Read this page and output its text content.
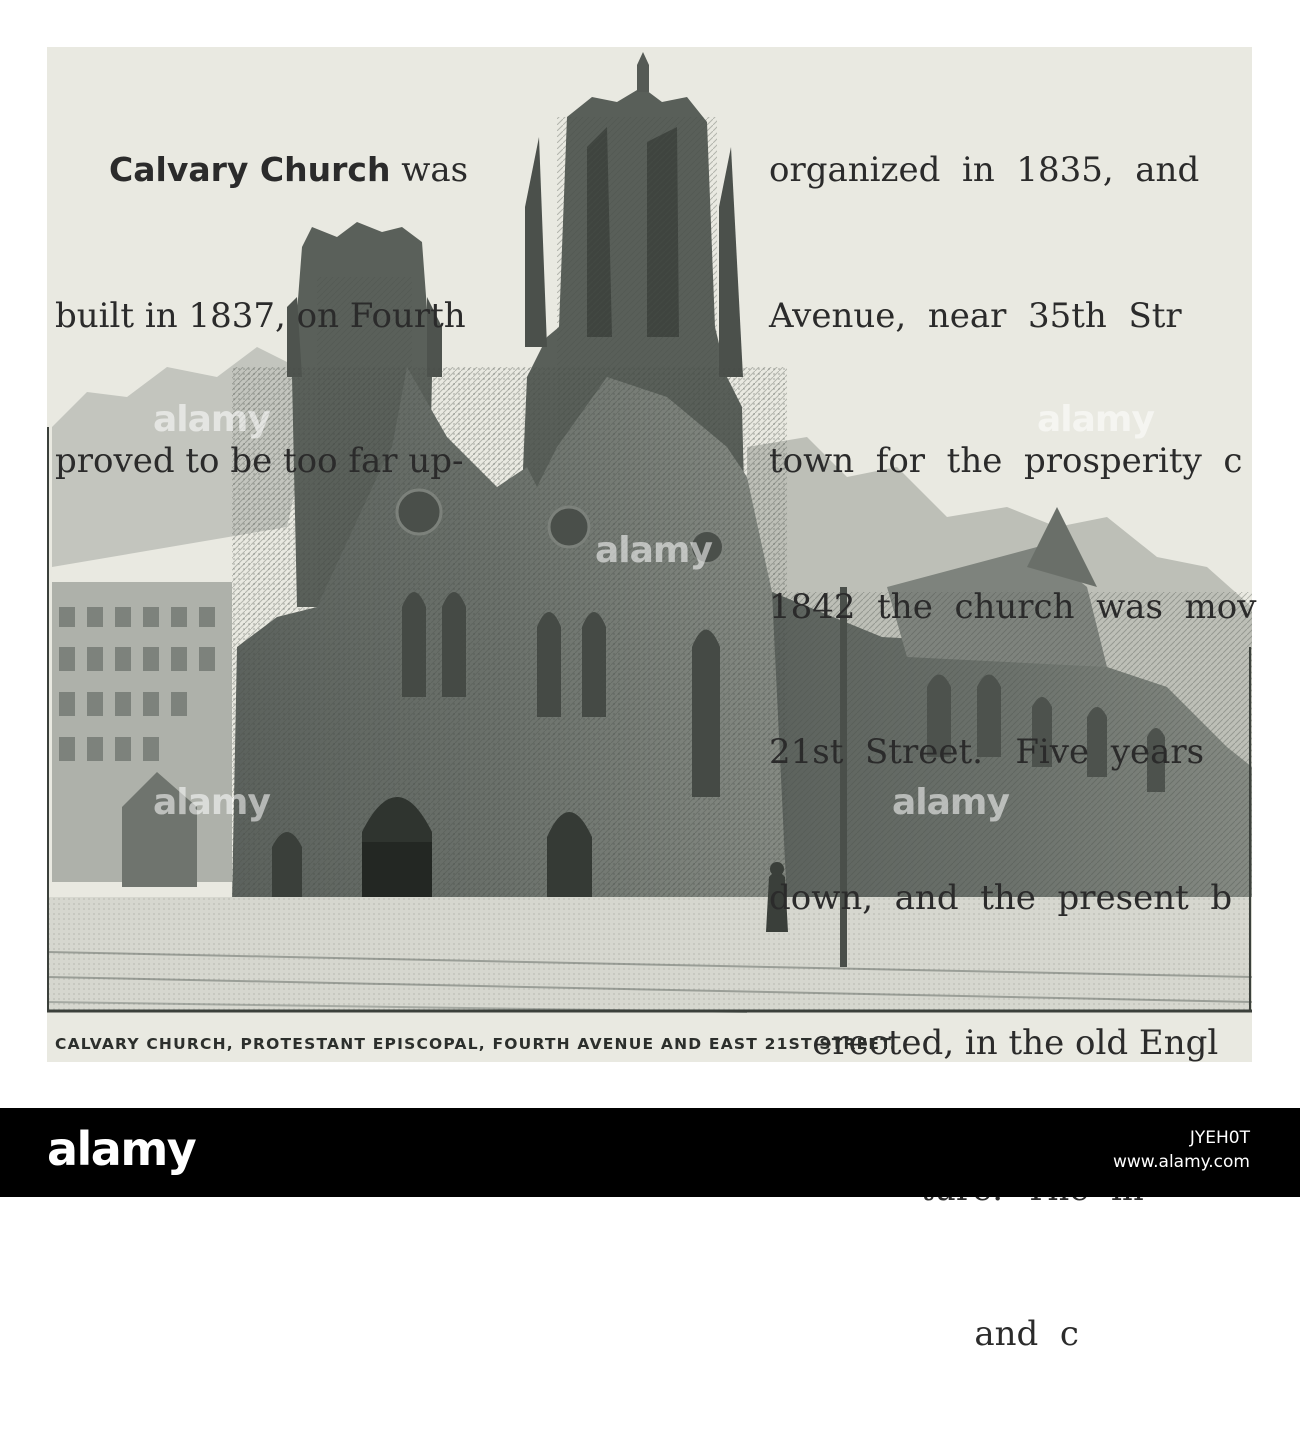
Calvary Church was

built in 1837, on Fourth

proved to be too far up-

organized  in  1835,  and

Avenue,  near  35th  Str

town  for  the  prosperity  c

1842  the  church  was  mov

21st  Street.   Five  years

down,  and  the  present  b

erected, in the old Engl

and  c

alamy
alamy
alamy
alamy	alamy
CALVARY CHURCH, PROTESTANT EPISCOPAL, FOURTH AVENUE AND EAST 21ST STREET.
alamy	JYEH0T
www.alamy.com
